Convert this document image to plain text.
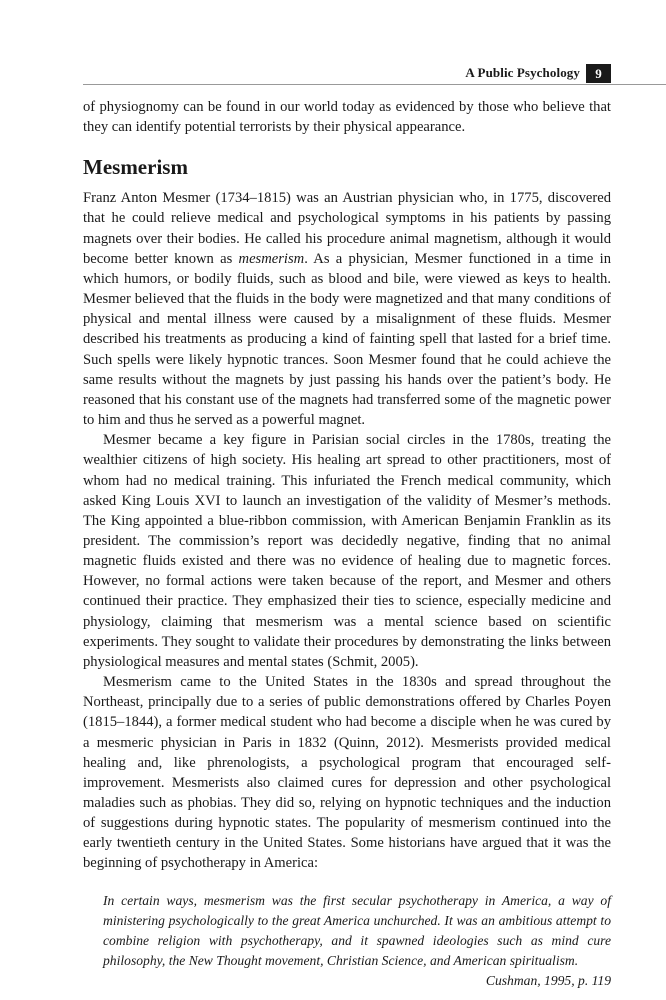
A Public Psychology	9

of physiognomy can be found in our world today as evidenced by those who believe that they can identify potential terrorists by their physical appearance.

Mesmerism

Franz Anton Mesmer (1734–1815) was an Austrian physician who, in 1775, discovered that he could relieve medical and psychological symptoms in his patients by passing magnets over their bodies. He called his procedure animal magnetism, although it would become better known as mesmerism. As a physician, Mesmer functioned in a time in which humors, or bodily fluids, such as blood and bile, were viewed as keys to health. Mesmer believed that the fluids in the body were magnetized and that many conditions of physical and mental illness were caused by a misalignment of these fluids. Mesmer described his treatments as producing a kind of fainting spell that lasted for a brief time. Such spells were likely hypnotic trances. Soon Mesmer found that he could achieve the same results without the magnets by just passing his hands over the patient’s body. He reasoned that his constant use of the magnets had transferred some of the magnetic power to him and thus he served as a powerful magnet.

Mesmer became a key figure in Parisian social circles in the 1780s, treating the wealthier citizens of high society. His healing art spread to other practitioners, most of whom had no medical training. This infuriated the French medical community, which asked King Louis XVI to launch an investigation of the validity of Mesmer’s methods. The King appointed a blue-ribbon commission, with American Benjamin Franklin as its president. The commission’s report was decidedly negative, finding that no animal magnetic fluids existed and there was no evidence of healing due to magnetic forces. However, no formal actions were taken because of the report, and Mesmer and others continued their practice. They emphasized their ties to science, especially medicine and physiology, claiming that mesmerism was a mental science based on scientific experiments. They sought to validate their procedures by demonstrating the links between physiological measures and mental states (Schmit, 2005).

Mesmerism came to the United States in the 1830s and spread throughout the Northeast, principally due to a series of public demonstrations offered by Charles Poyen (1815–1844), a former medical student who had become a disciple when he was cured by a mesmeric physician in Paris in 1832 (Quinn, 2012). Mesmerists provided medical healing and, like phrenologists, a psychological program that encouraged self-improvement. Mesmerists also claimed cures for depression and other psychological maladies such as phobias. They did so, relying on hypnotic techniques and the induction of suggestions during hypnotic states. The popularity of mesmerism continued into the early twentieth century in the United States. Some historians have argued that it was the beginning of psychotherapy in America:

In certain ways, mesmerism was the first secular psychotherapy in America, a way of ministering psychologically to the great America unchurched. It was an ambitious attempt to combine religion with psychotherapy, and it spawned ideologies such as mind cure philosophy, the New Thought movement, Christian Science, and American spiritualism.

Cushman, 1995, p. 119
